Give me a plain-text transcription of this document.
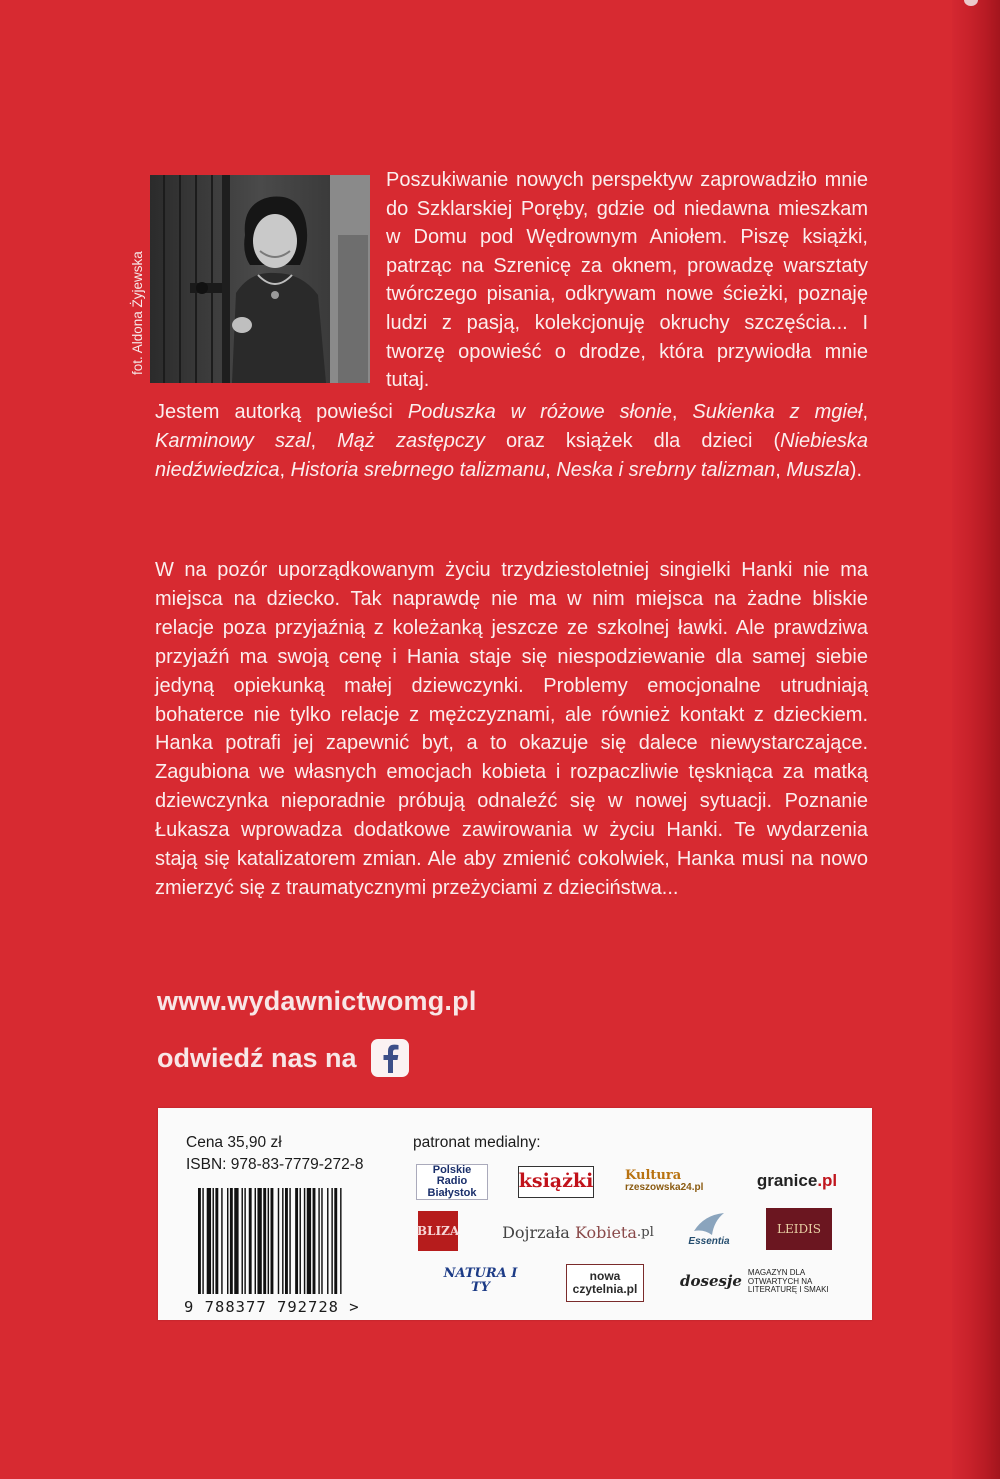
fot. Aldona Żyjewska

Poszukiwanie nowych perspektyw zaprowadziło mnie do Szklarskiej Poręby, gdzie od niedawna mieszkam w Domu pod Wędrownym Aniołem. Piszę książki, patrząc na Szrenicę za oknem, prowadzę warsztaty twórczego pisania, odkrywam nowe ścieżki, poznaję ludzi z pasją, kolekcjonuję okruchy szczęścia... I tworzę opowieść o drodze, która przywiodła mnie tutaj.

Jestem autorką powieści Poduszka w różowe słonie, Sukienka z mgieł, Karminowy szal, Mąż zastępczy oraz książek dla dzieci (Niebieska niedźwiedzica, Historia srebrnego talizmanu, Neska i srebrny talizman, Muszla).
W na pozór uporządkowanym życiu trzydziestoletniej singielki Hanki nie ma miejsca na dziecko. Tak naprawdę nie ma w nim miejsca na żadne bliskie relacje poza przyjaźnią z koleżanką jeszcze ze szkolnej ławki. Ale prawdziwa przyjaźń ma swoją cenę i Hania staje się niespodziewanie dla samej siebie jedyną opiekunką małej dziewczynki. Problemy emocjonalne utrudniają bohaterce nie tylko relacje z mężczyznami, ale również kontakt z dzieckiem. Hanka potrafi jej zapewnić byt, a to okazuje się dalece niewystarczające. Zagubiona we własnych emocjach kobieta i rozpaczliwie tęskniąca za matką dziewczynka nieporadnie próbują odnaleźć się w nowej sytuacji. Poznanie Łukasza wprowadza dodatkowe zawirowania w życiu Hanki. Te wydarzenia stają się katalizatorem zmian. Ale aby zmienić cokolwiek, Hanka musi na nowo zmierzyć się z traumatycznymi przeżyciami z dzieciństwa...
www.wydawnictwomg.pl
odwiedź nas na
Cena 35,90 zł
ISBN: 978-83-7779-272-8
9 788377 792728 >
patronat medialny:
Polskie
Radio
Białystok
książki Kultura
rzeszowska24.pl	granice .pl
BLIZA	Dojrzała
Kobieta .pl
Essentia
LEIDIS
NATURA I TY
nowa
czytelnia.pl	dosesje MAGAZYN DLA OTWARTYCH NA LITERATURĘ I SMAKI
